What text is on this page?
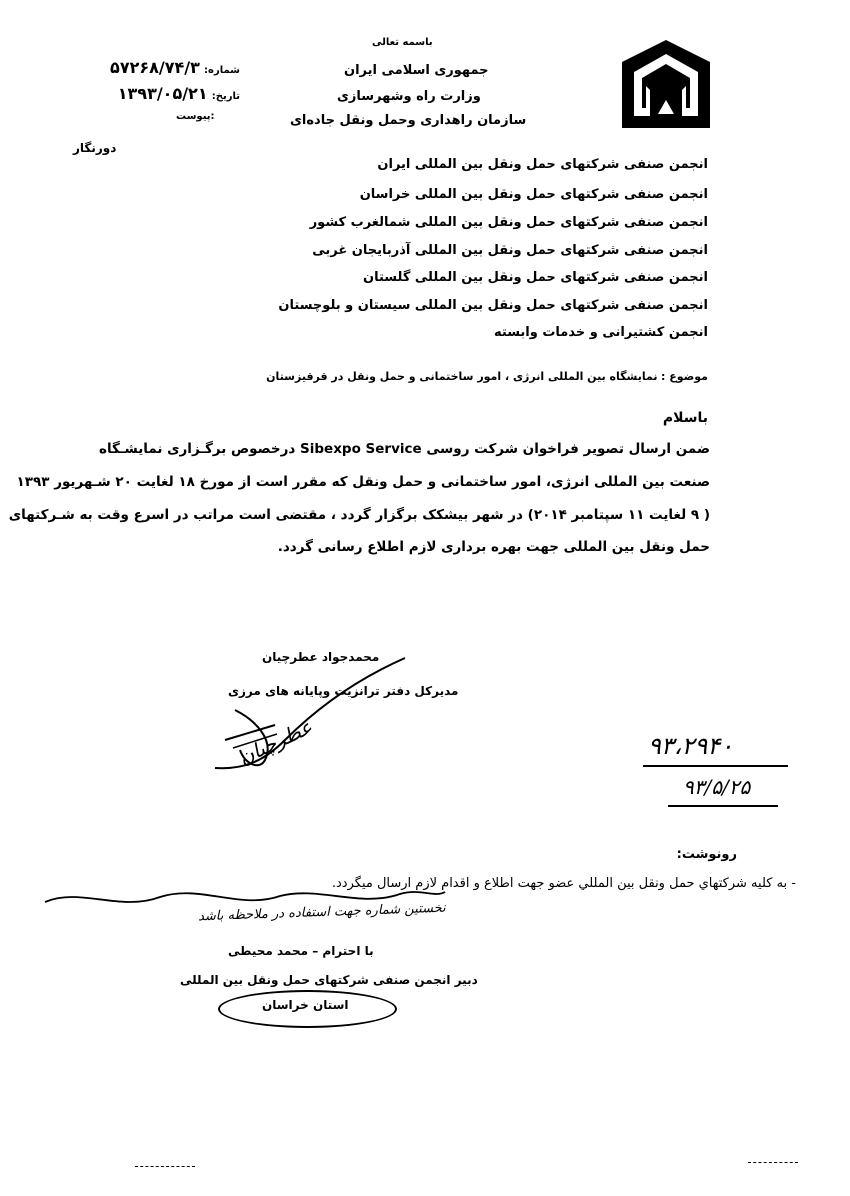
باسمه تعالی
جمهوری اسلامی ایران
وزارت راه وشهرسازی
سازمان راهداری وحمل ونقل جاده‌ای
شماره: ۵۷۲۶۸/۷۴/۳
تاریخ: ۱۳۹۳/۰۵/۲۱
پیوست:
دورنگار
انجمن صنفی شرکتهای حمل ونقل بین المللی ایران
انجمن صنفی شرکتهای حمل ونقل بین المللی خراسان
انجمن صنفی شرکتهای حمل ونقل بین المللی شمالغرب کشور
انجمن صنفی شرکتهای حمل ونقل بین المللی آذربایجان غربی
انجمن صنفی شرکتهای حمل ونقل بین المللی گلستان
انجمن صنفی شرکتهای حمل ونقل بین المللی سیستان و بلوچستان
انجمن کشتیرانی و خدمات وابسته
موضوع : نمایشگاه بین المللی انرژی ، امور ساختمانی و حمل ونقل در قرقیزستان
باسلام
ضمن ارسال تصویر فراخوان شرکت روسی Sibexpo Service درخصوص برگـزاری نمایشـگاه
صنعت بین المللی انرژی، امور ساختمانی و حمل ونقل که مقرر است از مورخ ۱۸ لغایت ۲۰ شـهریور ۱۳۹۳
( ۹ لغایت ۱۱ سپتامبر ۲۰۱۴) در شهر بیشکک برگزار گردد ، مقتضی است مراتب در اسرع وقت به شـرکتهای
حمل ونقل بین المللی جهت بهره برداری لازم اطلاع رسانی گردد.
محمدجواد عطرچیان
مدیرکل دفتر ترانزیت وپایانه های مرزی
عطرچیان	۹۳،۲۹۴۰
۹۳/۵/۲۵
رونوشت:
- به کلیه شرکتهاي حمل ونقل بين المللي عضو جهت اطلاع و اقدام لازم ارسال میگردد.
نخستین شماره جهت استفاده در ملاحظه باشد
با احترام – محمد محیطی
دبیر انجمن صنفی شرکتهای حمل ونقل بین المللی
استان خراسان
